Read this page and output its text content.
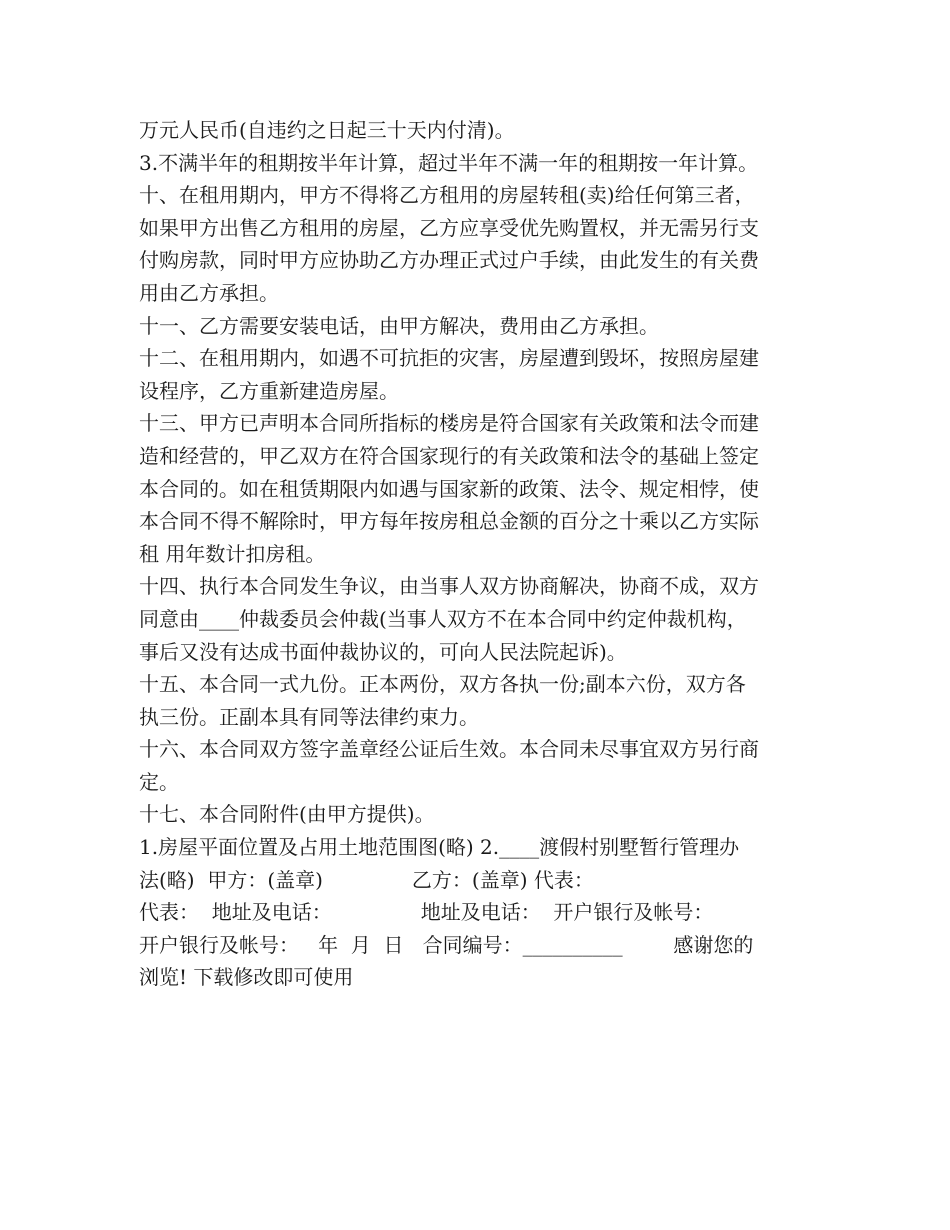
万元人民币(自违约之日起三十天内付清)。
3.不满半年的租期按半年计算，超过半年不满一年的租期按一年计算。
十、在租用期内，甲方不得将乙方租用的房屋转租(卖)给任何第三者，
如果甲方出售乙方租用的房屋，乙方应享受优先购置权，并无需另行支
付购房款，同时甲方应协助乙方办理正式过户手续，由此发生的有关费
用由乙方承担。
十一、乙方需要安装电话，由甲方解决，费用由乙方承担。
十二、在租用期内，如遇不可抗拒的灾害，房屋遭到毁坏，按照房屋建
设程序，乙方重新建造房屋。
十三、甲方已声明本合同所指标的楼房是符合国家有关政策和法令而建
造和经营的，甲乙双方在符合国家现行的有关政策和法令的基础上签定
本合同的。如在租赁期限内如遇与国家新的政策、法令、规定相悖，使
本合同不得不解除时，甲方每年按房租总金额的百分之十乘以乙方实际
租 用年数计扣房租。
十四、执行本合同发生争议，由当事人双方协商解决，协商不成，双方
同意由____仲裁委员会仲裁(当事人双方不在本合同中约定仲裁机构，
事后又没有达成书面仲裁协议的，可向人民法院起诉)。
十五、本合同一式九份。正本两份，双方各执一份;副本六份，双方各
执三份。正副本具有同等法律约束力。
十六、本合同双方签字盖章经公证后生效。本合同未尽事宜双方另行商
定。
十七、本合同附件(由甲方提供)。
1.房屋平面位置及占用土地范围图(略) 2.____渡假村别墅暂行管理办
法(略)  甲方：(盖章)              乙方：(盖章) 代表：
代表：  地址及电话：              地址及电话：  开户银行及帐号：
开户银行及帐号：   年  月  日   合同编号：__________        感谢您的
浏览! 下载修改即可使用
